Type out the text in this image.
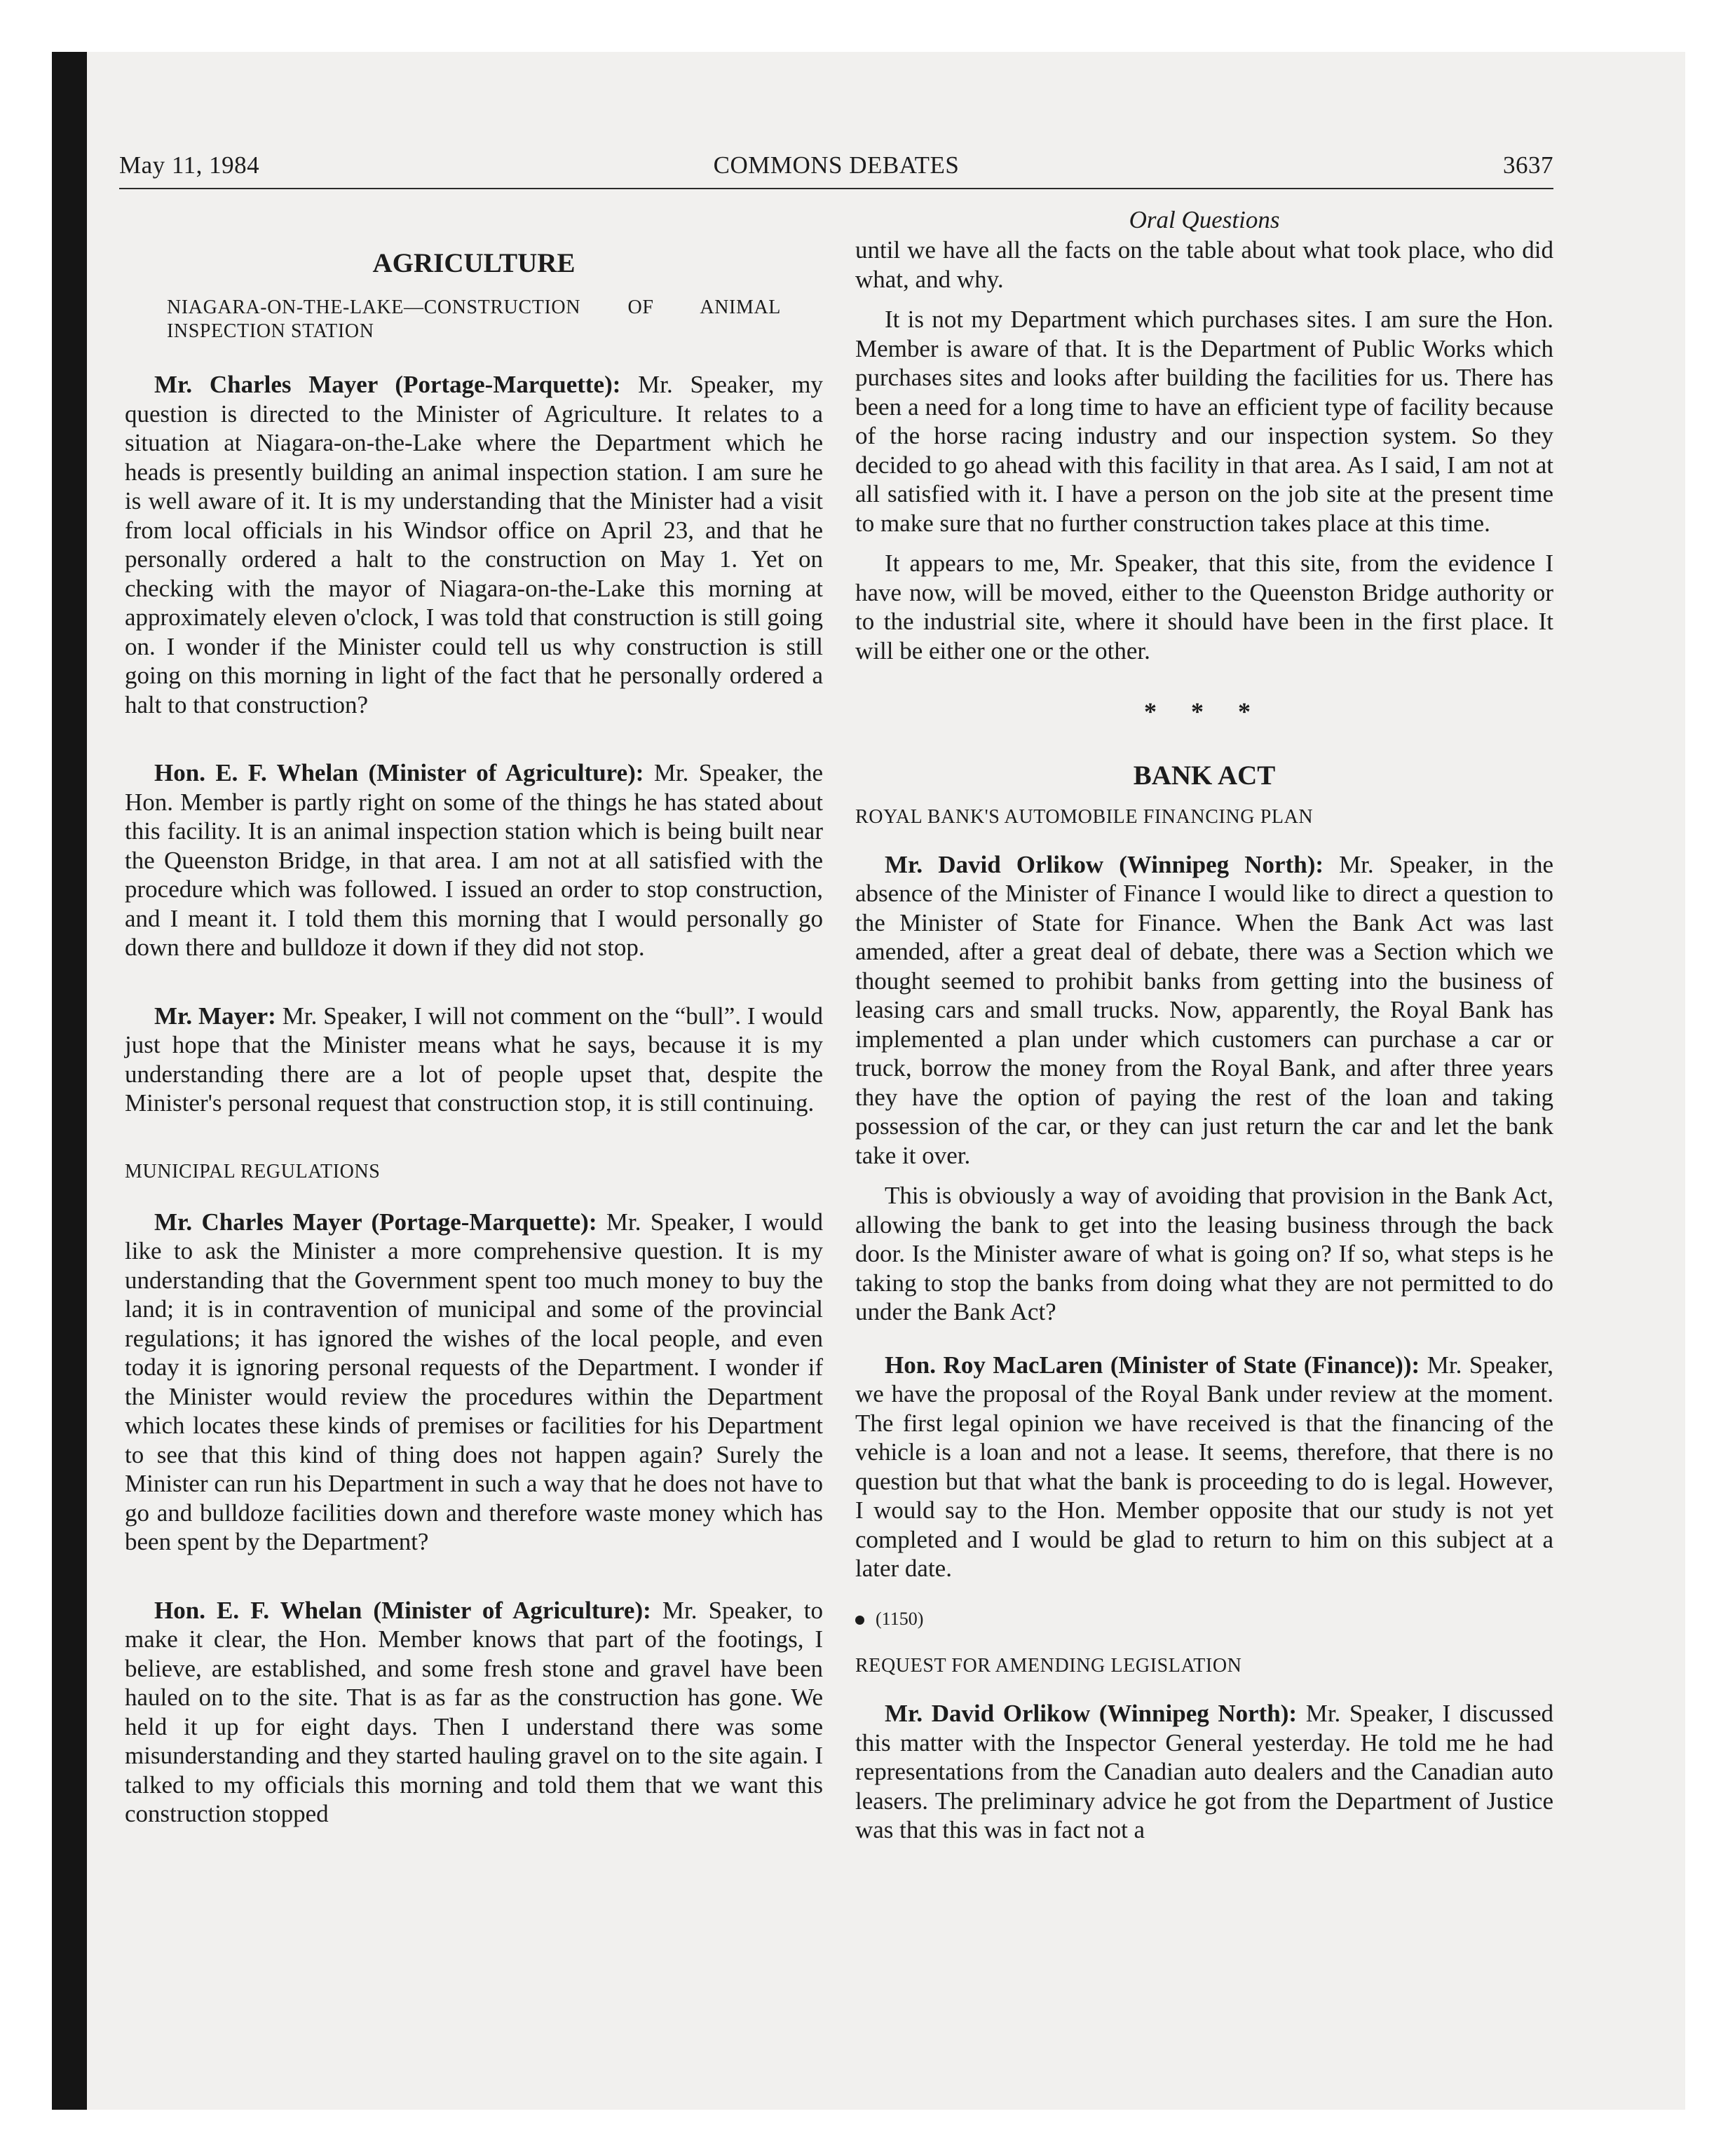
May 11, 1984	COMMONS DEBATES	3637
Oral Questions
AGRICULTURE

NIAGARA-ON-THE-LAKE—CONSTRUCTION OF ANIMAL INSPECTION STATION

Mr. Charles Mayer (Portage-Marquette): Mr. Speaker, my question is directed to the Minister of Agriculture. It relates to a situation at Niagara-on-the-Lake where the Department which he heads is presently building an animal inspection station. I am sure he is well aware of it. It is my understanding that the Minister had a visit from local officials in his Windsor office on April 23, and that he personally ordered a halt to the construction on May 1. Yet on checking with the mayor of Niagara-on-the-Lake this morning at approximately eleven o'clock, I was told that construction is still going on. I wonder if the Minister could tell us why construction is still going on this morning in light of the fact that he personally ordered a halt to that construction?

Hon. E. F. Whelan (Minister of Agriculture): Mr. Speaker, the Hon. Member is partly right on some of the things he has stated about this facility. It is an animal inspection station which is being built near the Queenston Bridge, in that area. I am not at all satisfied with the procedure which was followed. I issued an order to stop construction, and I meant it. I told them this morning that I would personally go down there and bulldoze it down if they did not stop.

Mr. Mayer: Mr. Speaker, I will not comment on the “bull”. I would just hope that the Minister means what he says, because it is my understanding there are a lot of people upset that, despite the Minister's personal request that construction stop, it is still continuing.

MUNICIPAL REGULATIONS

Mr. Charles Mayer (Portage-Marquette): Mr. Speaker, I would like to ask the Minister a more comprehensive question. It is my understanding that the Government spent too much money to buy the land; it is in contravention of municipal and some of the provincial regulations; it has ignored the wishes of the local people, and even today it is ignoring personal requests of the Department. I wonder if the Minister would review the procedures within the Department which locates these kinds of premises or facilities for his Department to see that this kind of thing does not happen again? Surely the Minister can run his Department in such a way that he does not have to go and bulldoze facilities down and therefore waste money which has been spent by the Department?

Hon. E. F. Whelan (Minister of Agriculture): Mr. Speaker, to make it clear, the Hon. Member knows that part of the footings, I believe, are established, and some fresh stone and gravel have been hauled on to the site. That is as far as the construction has gone. We held it up for eight days. Then I understand there was some misunderstanding and they started hauling gravel on to the site again. I talked to my officials this morning and told them that we want this construction stopped

until we have all the facts on the table about what took place, who did what, and why.

It is not my Department which purchases sites. I am sure the Hon. Member is aware of that. It is the Department of Public Works which purchases sites and looks after building the facilities for us. There has been a need for a long time to have an efficient type of facility because of the horse racing industry and our inspection system. So they decided to go ahead with this facility in that area. As I said, I am not at all satisfied with it. I have a person on the job site at the present time to make sure that no further construction takes place at this time.

It appears to me, Mr. Speaker, that this site, from the evidence I have now, will be moved, either to the Queenston Bridge authority or to the industrial site, where it should have been in the first place. It will be either one or the other.

* * *
BANK ACT

ROYAL BANK'S AUTOMOBILE FINANCING PLAN

Mr. David Orlikow (Winnipeg North): Mr. Speaker, in the absence of the Minister of Finance I would like to direct a question to the Minister of State for Finance. When the Bank Act was last amended, after a great deal of debate, there was a Section which we thought seemed to prohibit banks from getting into the business of leasing cars and small trucks. Now, apparently, the Royal Bank has implemented a plan under which customers can purchase a car or truck, borrow the money from the Royal Bank, and after three years they have the option of paying the rest of the loan and taking possession of the car, or they can just return the car and let the bank take it over.

This is obviously a way of avoiding that provision in the Bank Act, allowing the bank to get into the leasing business through the back door. Is the Minister aware of what is going on? If so, what steps is he taking to stop the banks from doing what they are not permitted to do under the Bank Act?

Hon. Roy MacLaren (Minister of State (Finance)): Mr. Speaker, we have the proposal of the Royal Bank under review at the moment. The first legal opinion we have received is that the financing of the vehicle is a loan and not a lease. It seems, therefore, that there is no question but that what the bank is proceeding to do is legal. However, I would say to the Hon. Member opposite that our study is not yet completed and I would be glad to return to him on this subject at a later date.

(1150)

REQUEST FOR AMENDING LEGISLATION

Mr. David Orlikow (Winnipeg North): Mr. Speaker, I discussed this matter with the Inspector General yesterday. He told me he had representations from the Canadian auto dealers and the Canadian auto leasers. The preliminary advice he got from the Department of Justice was that this was in fact not a
